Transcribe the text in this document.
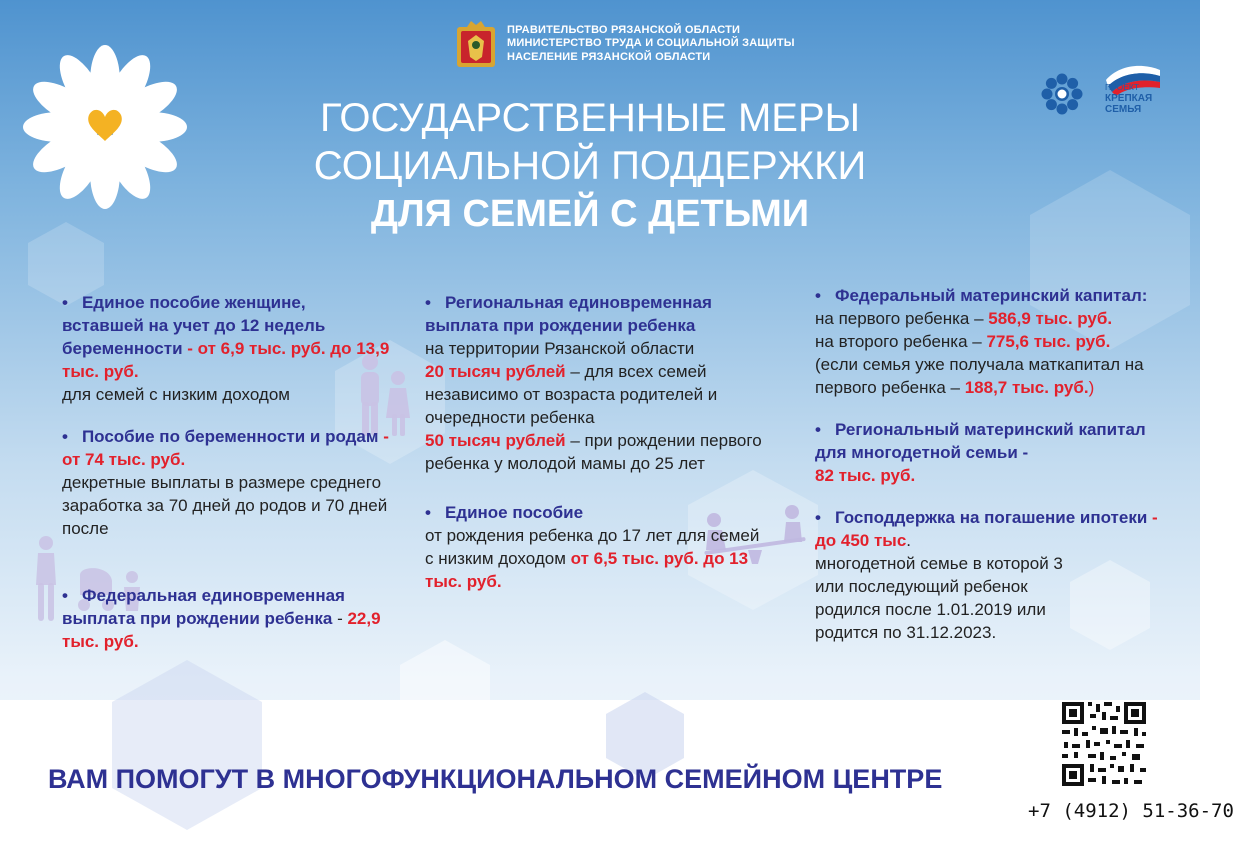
ПРАВИТЕЛЬСТВО РЯЗАНСКОЙ ОБЛАСТИ
МИНИСТЕРСТВО ТРУДА И СОЦИАЛЬНОЙ ЗАЩИТЫ
НАСЕЛЕНИЕ РЯЗАНСКОЙ ОБЛАСТИ
ПРОЕКТ
КРЕПКАЯ
СЕМЬЯ
ГОСУДАРСТВЕННЫЕ МЕРЫ
СОЦИАЛЬНОЙ ПОДДЕРЖКИ
ДЛЯ СЕМЕЙ С ДЕТЬМИ

• Единое пособие женщине, вставшей на учет до 12 недель беременности - от 6,9 тыс. руб. до 13,9 тыс. руб.

для семей с низким доходом

• Пособие по беременности и родам - от 74 тыс. руб.

декретные выплаты в размере среднего заработка за 70 дней до родов и 70 дней после

• Федеральная единовременная выплата при рождении ребенка - 22,9 тыс. руб.

• Региональная единовременная выплата при рождении ребенка

на территории Рязанской области

20 тысяч рублей – для всех семей независимо от возраста родителей и очередности ребенка

50 тысяч рублей – при рождении первого ребенка у молодой мамы до 25 лет

• Единое пособие

от рождения ребенка до 17 лет для семей с низким доходом от 6,5 тыс. руб. до 13 тыс. руб.

• Федеральный материнский капитал:

на первого ребенка – 586,9 тыс. руб.

на второго ребенка – 775,6 тыс. руб.

(если семья уже получала маткапитал на первого ребенка – 188,7 тыс. руб.)

• Региональный материнский капитал для многодетной семьи -

82 тыс. руб.

• Господдержка на погашение ипотеки - до 450 тыс.

многодетной семье в которой 3 или последующий ребенок родился после 1.01.2019 или родится по 31.12.2023.

ВАМ ПОМОГУТ В МНОГОФУНКЦИОНАЛЬНОМ СЕМЕЙНОМ ЦЕНТРЕ
+7 (4912) 51-36-70
